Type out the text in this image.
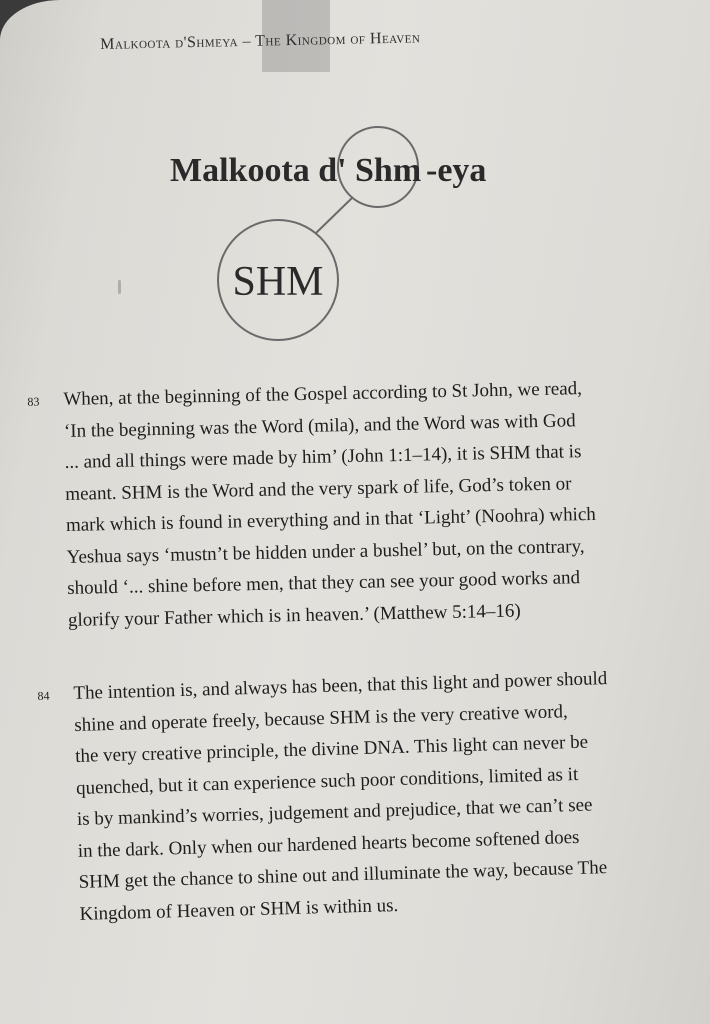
Malkoota d'Shmeya – The Kingdom of Heaven
Malkoota d' Shm -eya
SHM
83 When, at the beginning of the Gospel according to St John, we read,
‘In the beginning was the Word (mila), and the Word was with God
... and all things were made by him’ (John 1:1–14), it is SHM that is
meant. SHM is the Word and the very spark of life, God’s token or
mark which is found in everything and in that ‘Light’ (Noohra) which
Yeshua says ‘mustn’t be hidden under a bushel’ but, on the contrary,
should ‘... shine before men, that they can see your good works and
glorify your Father which is in heaven.’ (Matthew 5:14–16)
84 The intention is, and always has been, that this light and power should
shine and operate freely, because SHM is the very creative word,
the very creative principle, the divine DNA. This light can never be
quenched, but it can experience such poor conditions, limited as it
is by mankind’s worries, judgement and prejudice, that we can’t see
in the dark. Only when our hardened hearts become softened does
SHM get the chance to shine out and illuminate the way, because The
Kingdom of Heaven or SHM is within us.
